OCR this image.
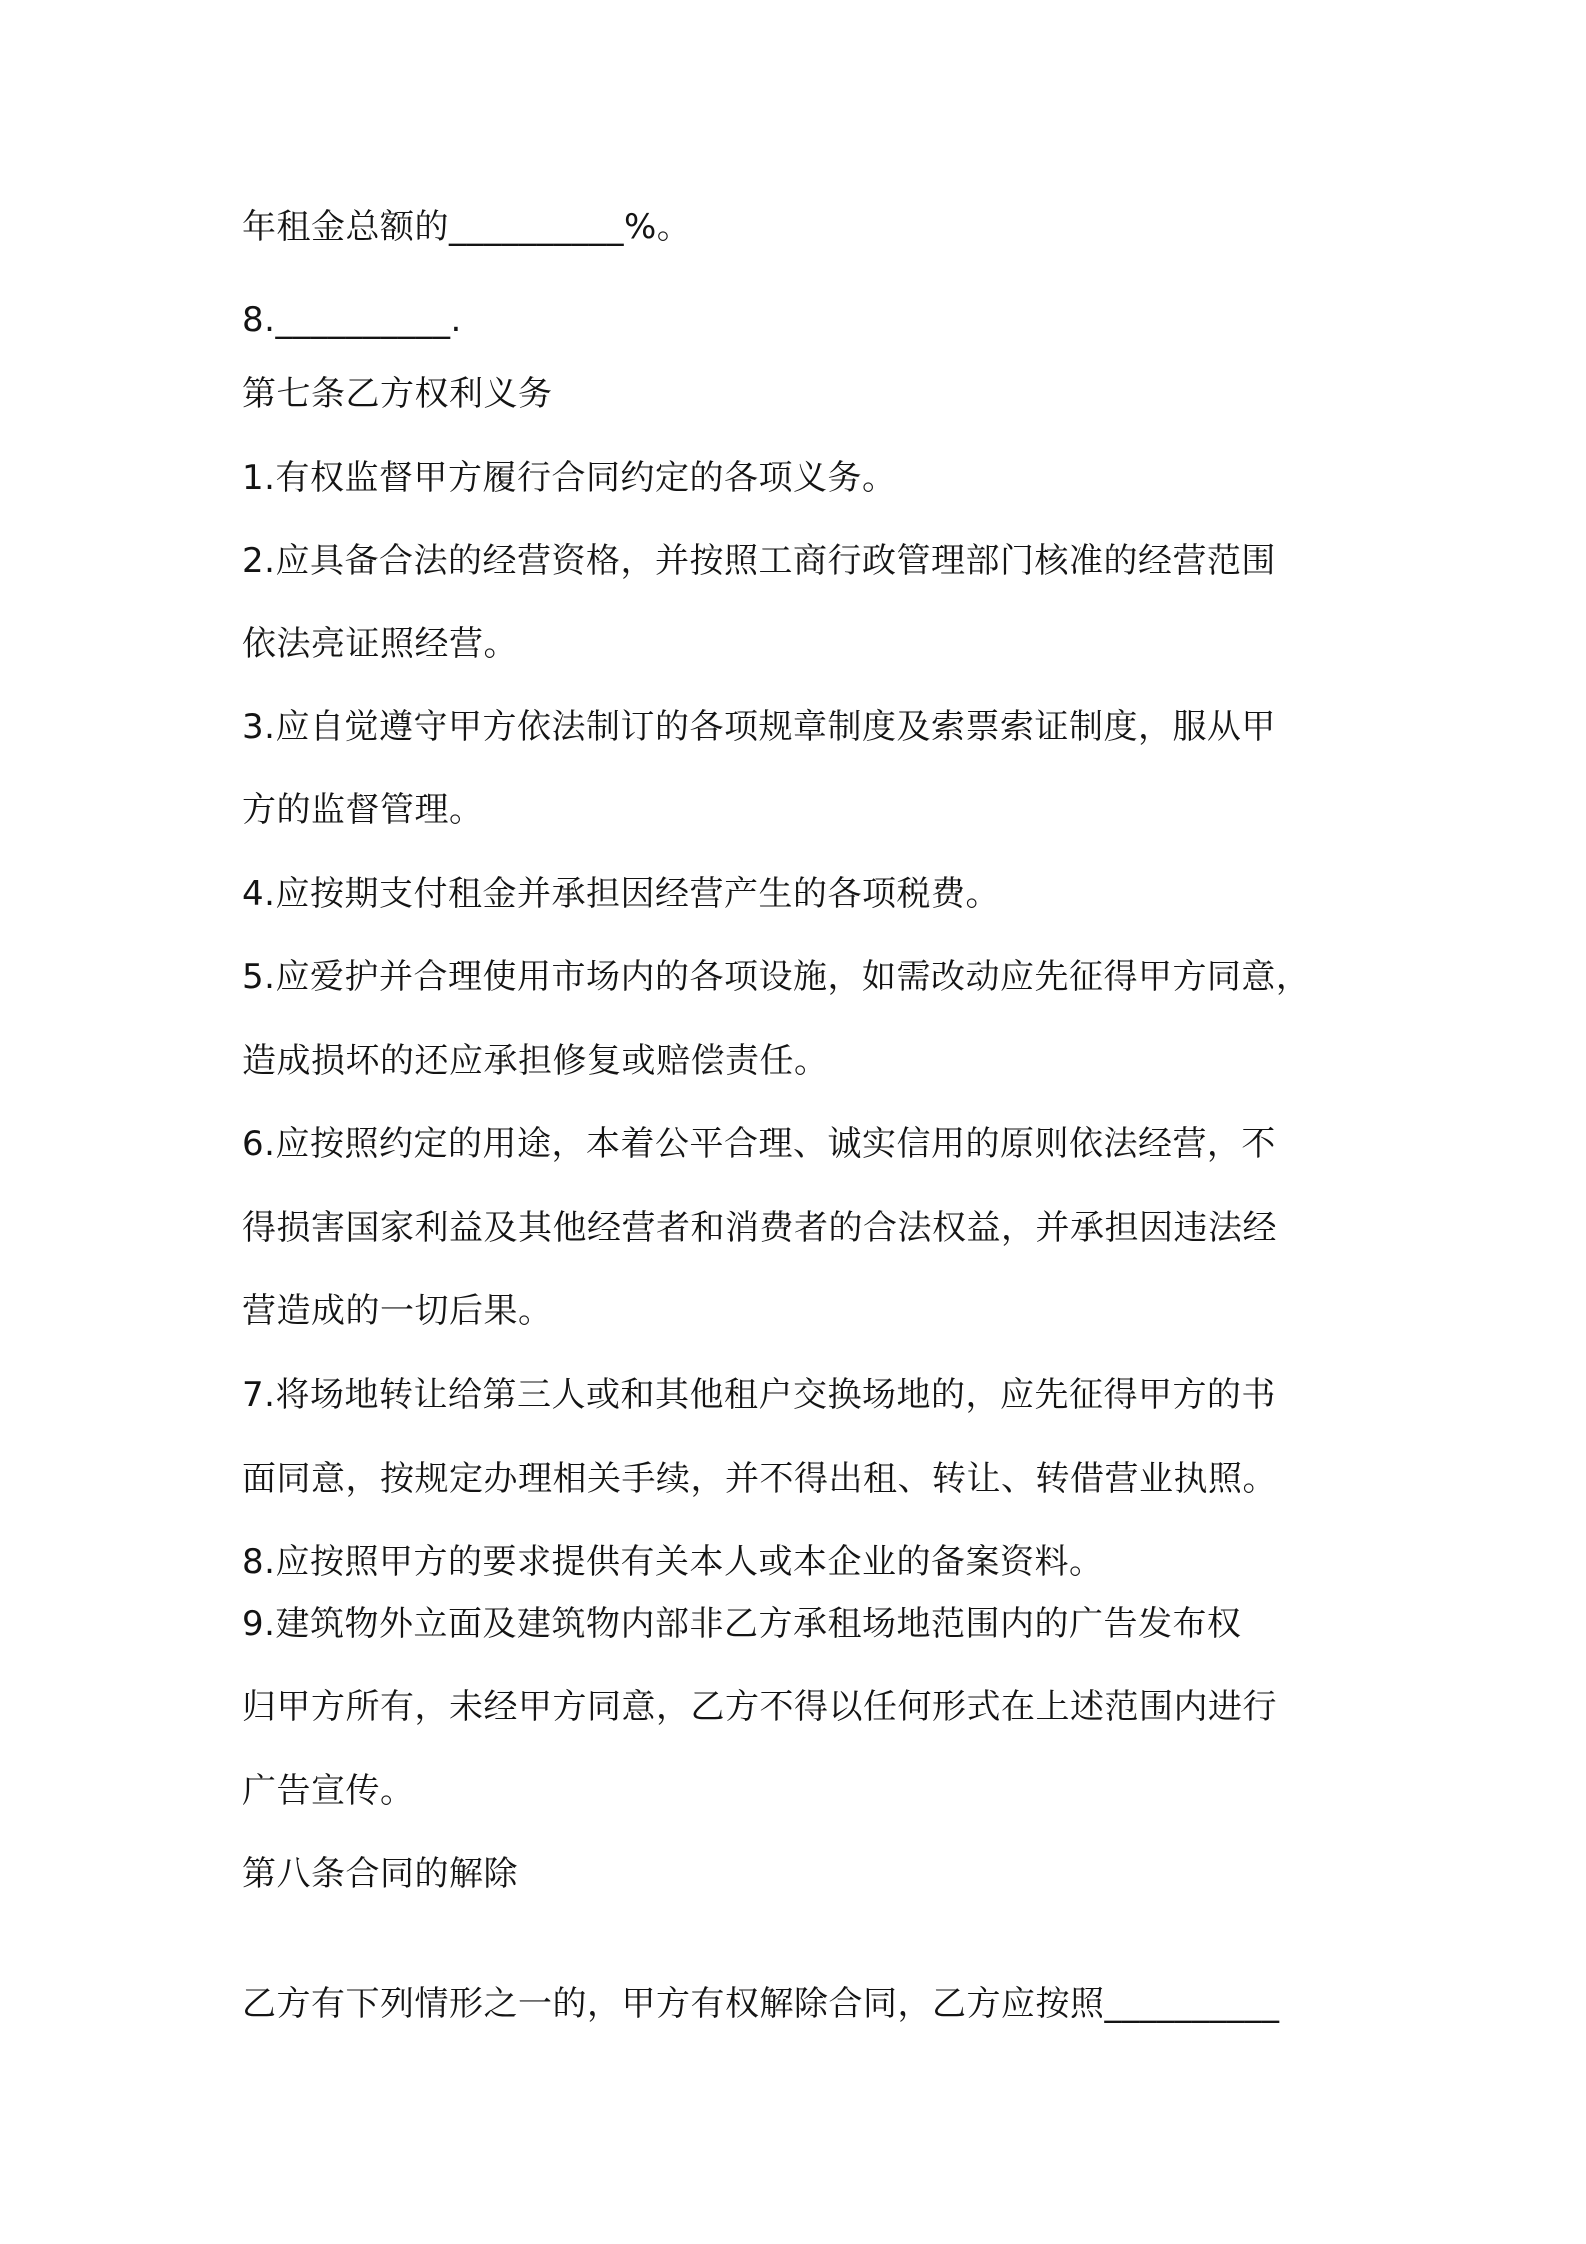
年租金总额的__________%。
8.__________.
第七条乙方权利义务
1.有权监督甲方履行合同约定的各项义务。
2.应具备合法的经营资格，并按照工商行政管理部门核准的经营范围
依法亮证照经营。
3.应自觉遵守甲方依法制订的各项规章制度及索票索证制度，服从甲
方的监督管理。
4.应按期支付租金并承担因经营产生的各项税费。
5.应爱护并合理使用市场内的各项设施，如需改动应先征得甲方同意，
造成损坏的还应承担修复或赔偿责任。
6.应按照约定的用途，本着公平合理、诚实信用的原则依法经营，不
得损害国家利益及其他经营者和消费者的合法权益，并承担因违法经
营造成的一切后果。
7.将场地转让给第三人或和其他租户交换场地的，应先征得甲方的书
面同意，按规定办理相关手续，并不得出租、转让、转借营业执照。
8.应按照甲方的要求提供有关本人或本企业的备案资料。
9.建筑物外立面及建筑物内部非乙方承租场地范围内的广告发布权
归甲方所有，未经甲方同意，乙方不得以任何形式在上述范围内进行
广告宣传。
第八条合同的解除
乙方有下列情形之一的，甲方有权解除合同，乙方应按照__________
